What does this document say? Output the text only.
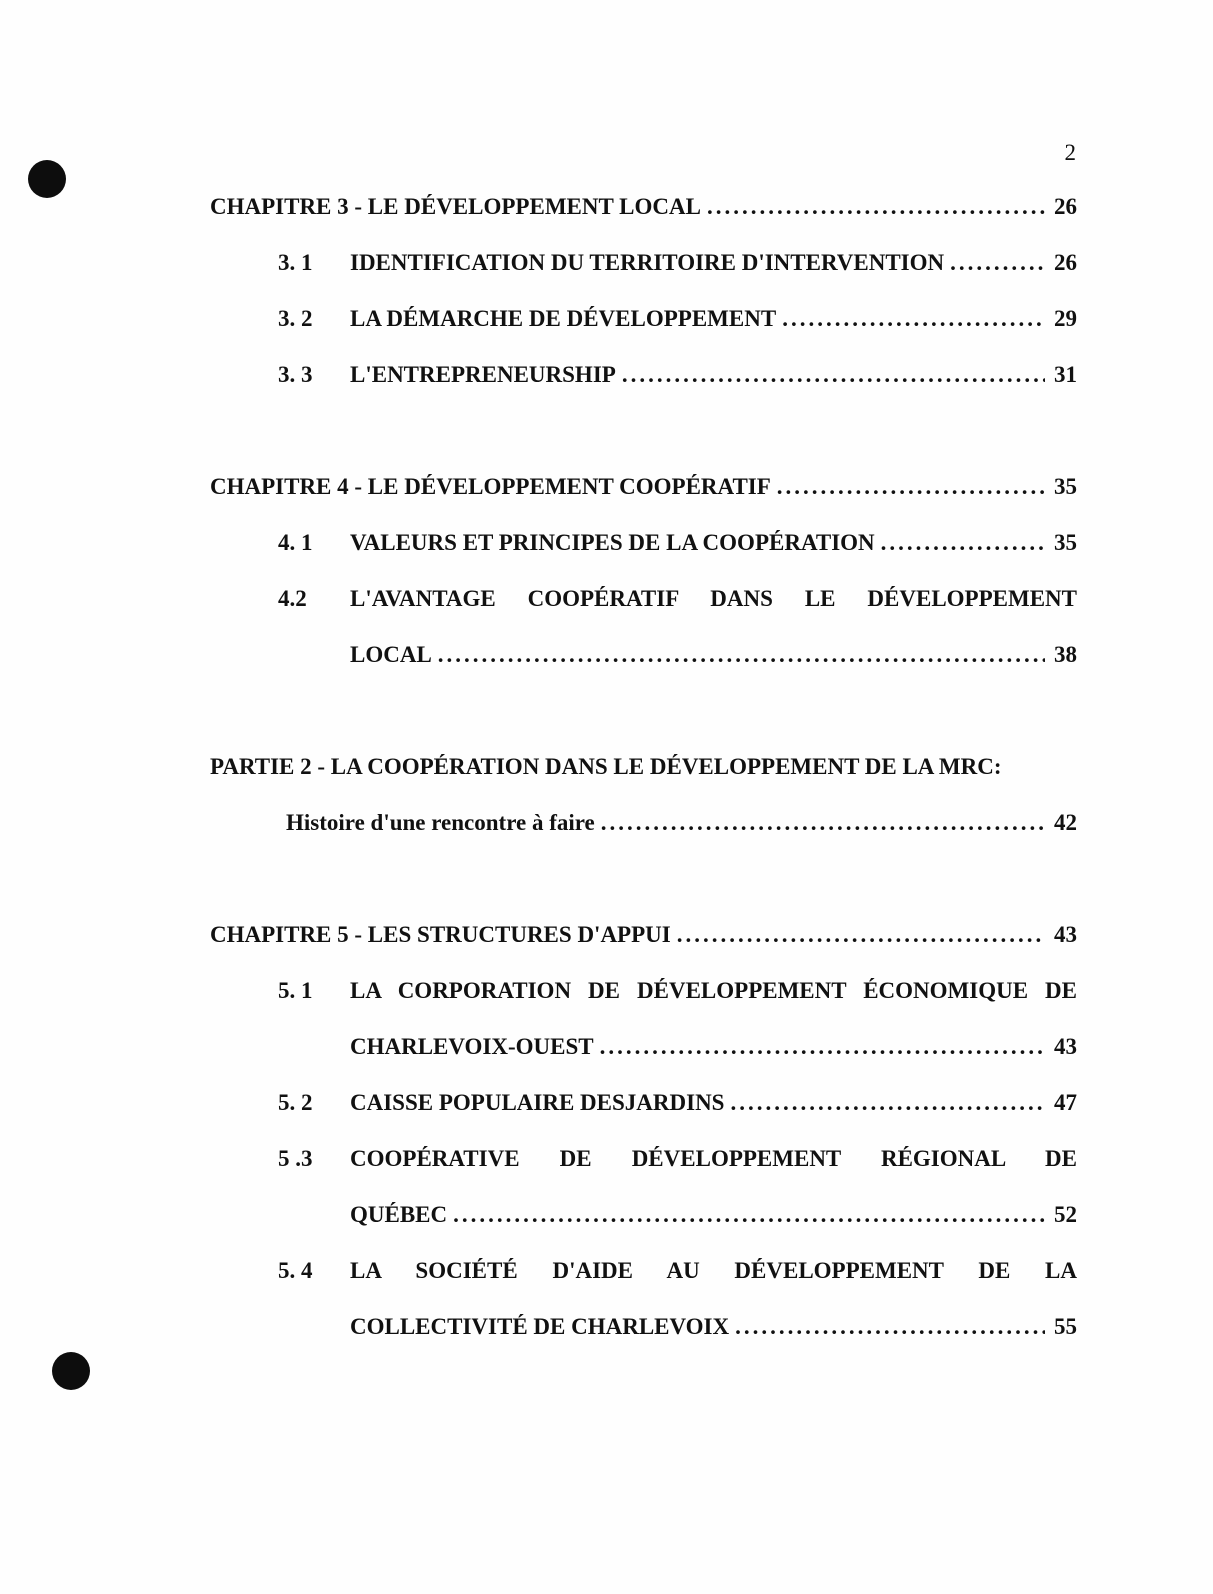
2
CHAPITRE 3 - LE DÉVELOPPEMENT LOCAL .....	26
3. 1 IDENTIFICATION DU TERRITOIRE D'INTERVENTION .....	26
3. 2 LA DÉMARCHE DE DÉVELOPPEMENT .....	29
3. 3 L'ENTREPRENEURSHIP .....	31
CHAPITRE 4 - LE DÉVELOPPEMENT COOPÉRATIF .....	35
4. 1 VALEURS ET PRINCIPES DE LA COOPÉRATION .....	35
4.2 L'AVANTAGE COOPÉRATIF DANS LE DÉVELOPPEMENT
LOCAL .....	38
PARTIE 2 - LA COOPÉRATION DANS LE DÉVELOPPEMENT DE LA MRC:
Histoire d'une rencontre à faire .....	42
CHAPITRE 5 - LES STRUCTURES D'APPUI .....	43
5. 1 LA CORPORATION DE DÉVELOPPEMENT ÉCONOMIQUE DE
CHARLEVOIX-OUEST .....	43
5. 2 CAISSE POPULAIRE DESJARDINS .....	47
5 .3 COOPÉRATIVE DE DÉVELOPPEMENT RÉGIONAL DE
QUÉBEC .....	52
5. 4 LA SOCIÉTÉ D'AIDE AU DÉVELOPPEMENT DE LA
COLLECTIVITÉ DE CHARLEVOIX .....	55
